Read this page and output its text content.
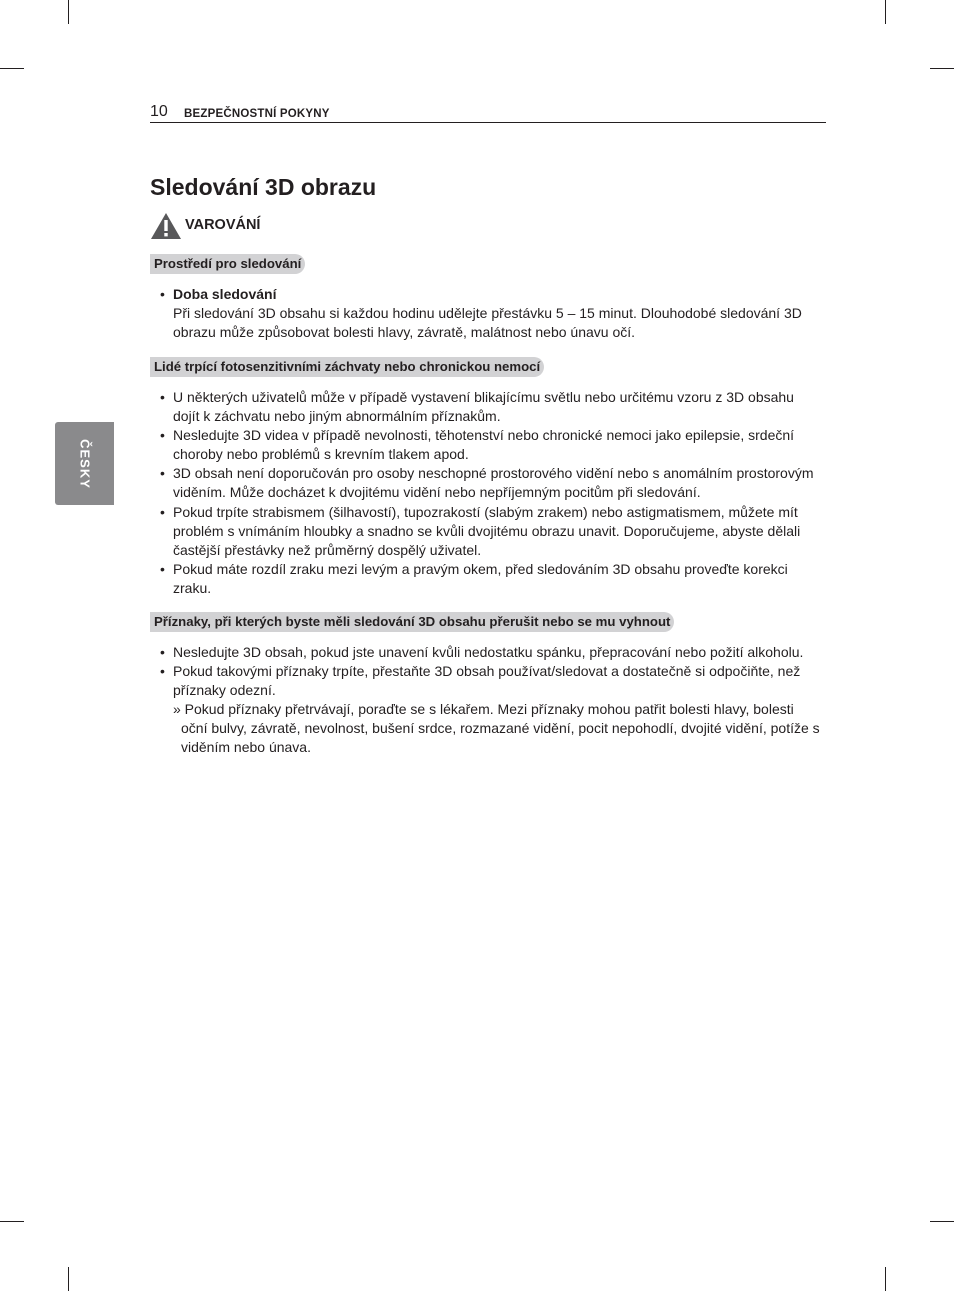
10 BEZPEČNOSTNÍ POKYNY
ČESKY
Sledování 3D obrazu
VAROVÁNÍ
Prostředí pro sledování
• Doba sledování
Při sledování 3D obsahu si každou hodinu udělejte přestávku 5 – 15 minut. Dlouhodobé sledování 3D obrazu může způsobovat bolesti hlavy, závratě, malátnost nebo únavu očí.
Lidé trpící fotosenzitivními záchvaty nebo chronickou nemocí
• U některých uživatelů může v případě vystavení blikajícímu světlu nebo určitému vzoru z 3D obsahu dojít k záchvatu nebo jiným abnormálním příznakům.
• Nesledujte 3D videa v případě nevolnosti, těhotenství nebo chronické nemoci jako epilepsie, srdeční choroby nebo problémů s krevním tlakem apod.
• 3D obsah není doporučován pro osoby neschopné prostorového vidění nebo s anomálním prostorovým viděním. Může docházet k dvojitému vidění nebo nepříjemným pocitům při sledování.
• Pokud trpíte strabismem (šilhavostí), tupozrakostí (slabým zrakem) nebo astigmatismem, můžete mít problém s vnímáním hloubky a snadno se kvůli dvojitému obrazu unavit. Doporučujeme, abyste dělali častější přestávky než průměrný dospělý uživatel.
• Pokud máte rozdíl zraku mezi levým a pravým okem, před sledováním 3D obsahu proveďte korekci zraku.
Příznaky, při kterých byste měli sledování 3D obsahu přerušit nebo se mu vyhnout
• Nesledujte 3D obsah, pokud jste unavení kvůli nedostatku spánku, přepracování nebo požití alkoholu.
• Pokud takovými příznaky trpíte, přestaňte 3D obsah používat/sledovat a dostatečně si odpočiňte, než příznaky odezní.
» Pokud příznaky přetrvávají, poraďte se s lékařem. Mezi příznaky mohou patřit bolesti hlavy, bolesti oční bulvy, závratě, nevolnost, bušení srdce, rozmazané vidění, pocit nepohodlí, dvojité vidění, potíže s viděním nebo únava.
